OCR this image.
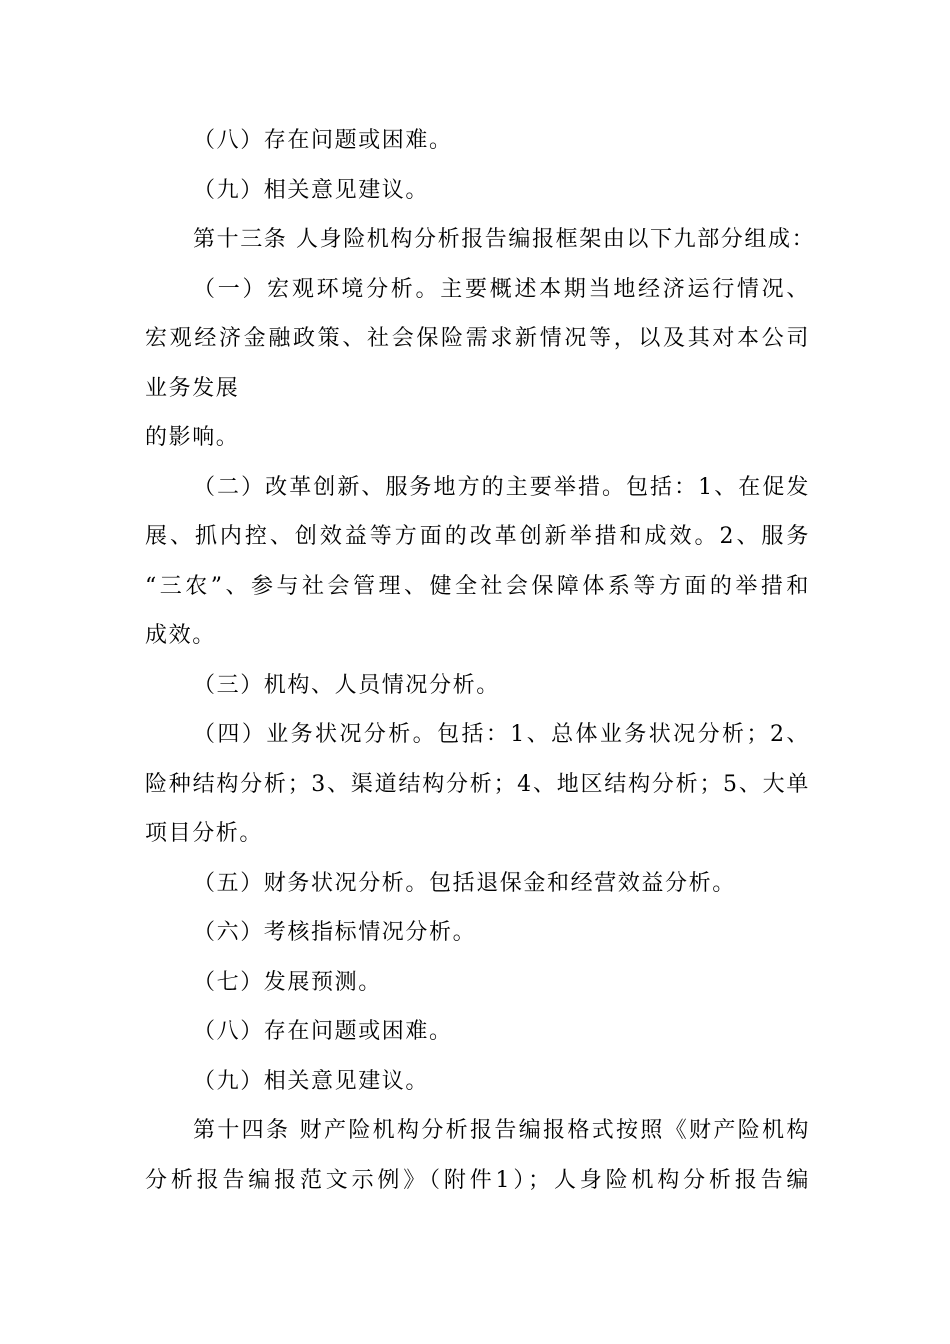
（八）存在问题或困难。
（九）相关意见建议。
第十三条 人身险机构分析报告编报框架由以下九部分组成：
（一）宏观环境分析。主要概述本期当地经济运行情况、
宏观经济金融政策、社会保险需求新情况等，以及其对本公司
业务发展
的影响。
（二）改革创新、服务地方的主要举措。包括：1、在促发
展、抓内控、创效益等方面的改革创新举措和成效。2、服务
“三农”、参与社会管理、健全社会保障体系等方面的举措和
成效。
（三）机构、人员情况分析。
（四）业务状况分析。包括：1、总体业务状况分析；2、
险种结构分析；3、渠道结构分析；4、地区结构分析；5、大单
项目分析。
（五）财务状况分析。包括退保金和经营效益分析。
（六）考核指标情况分析。
（七）发展预测。
（八）存在问题或困难。
（九）相关意见建议。
第十四条 财产险机构分析报告编报格式按照《财产险机构
分析报告编报范文示例》（附件1）；人身险机构分析报告编
